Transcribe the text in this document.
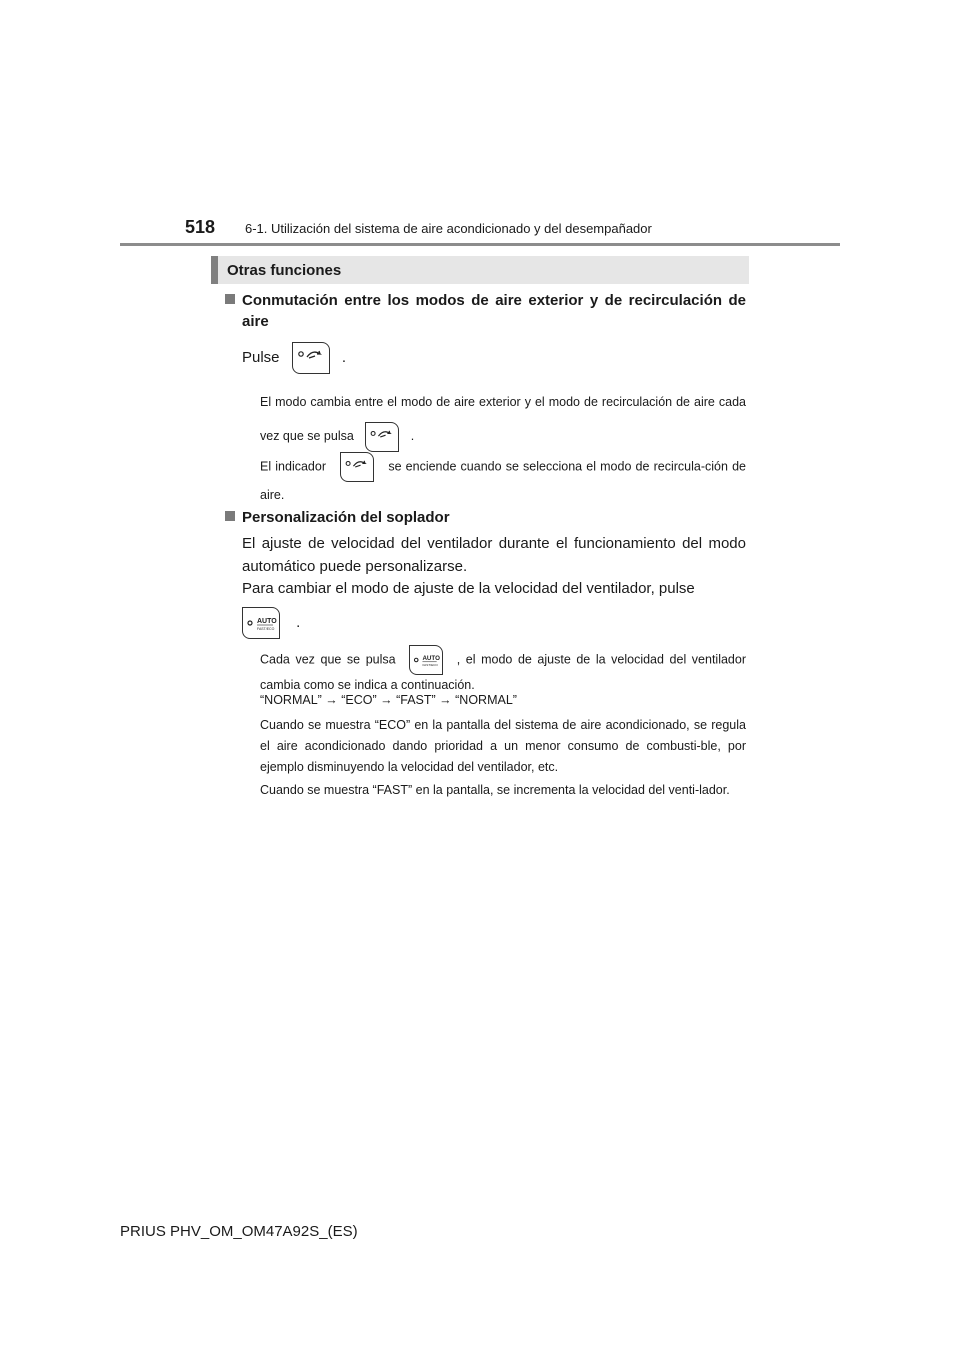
518 6-1. Utilización del sistema de aire acondicionado y del desempañador
Otras funciones
Conmutación entre los modos de aire exterior y de recirculación de aire
Pulse	.
El modo cambia entre el modo de aire exterior y el modo de recirculación de aire cada vez que se pulsa	.
El indicador	se enciende cuando se selecciona el modo de recircula-ción de aire.
Personalización del soplador
El ajuste de velocidad del ventilador durante el funcionamiento del modo automático puede personalizarse.
Para cambiar el modo de ajuste de la velocidad del ventilador, pulse
AUTO
FAST/ECO .
Cada vez que se pulsa	AUTO
FAST/ECO , el modo de ajuste de la velocidad del ventilador cambia como se indica a continuación.
“NORMAL” → “ECO” → “FAST” → “NORMAL”
Cuando se muestra “ECO” en la pantalla del sistema de aire acondicionado, se regula el aire acondicionado dando prioridad a un menor consumo de combusti-ble, por ejemplo disminuyendo la velocidad del ventilador, etc.
Cuando se muestra “FAST” en la pantalla, se incrementa la velocidad del venti-lador.
PRIUS PHV_OM_OM47A92S_(ES)
